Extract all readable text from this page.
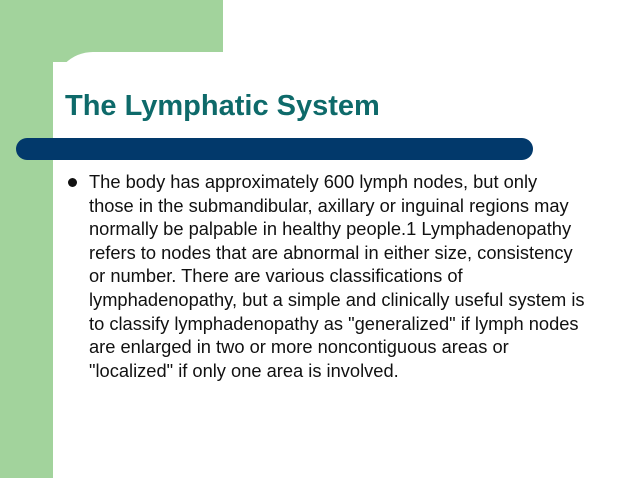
The Lymphatic System
The body has approximately 600 lymph nodes, but only those in the submandibular, axillary or inguinal regions may normally be palpable in healthy people.1 Lymphadenopathy refers to nodes that are abnormal in either size, consistency or number. There are various classifications of lymphadenopathy, but a simple and clinically useful system is to classify lymphadenopathy as "generalized" if lymph nodes are enlarged in two or more noncontiguous areas or "localized" if only one area is involved.
